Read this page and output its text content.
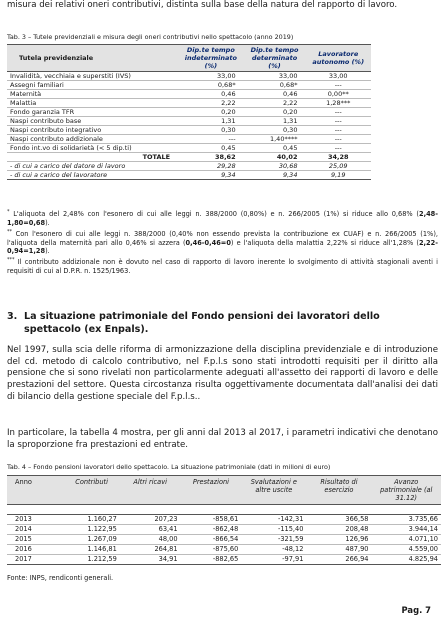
misura dei relativi oneri contributivi, distinta sulla base della natura del rapporto di lavoro.

Tab. 3 – Tutele previdenziali e misura degli oneri contributivi nello spettacolo (anno 2019)
Tutela previdenziale	Dip.te tempo indeterminato (%)	Dip.te tempo determinato (%)	Lavoratore autonomo (%)
Invalidità, vecchiaia e superstiti (IVS)	33,00	33,00	33,00
Assegni familiari	0,68*	0,68*	---
Maternità	0,46	0,46	0,00**
Malattia	2,22	2,22	1,28***
Fondo garanzia TFR	0,20	0,20	---
Naspi contributo base	1,31	1,31	---
Naspi contributo integrativo	0,30	0,30	---
Naspi contributo addizionale	---	1,40****	---
Fondo int.vo di solidarietà (< 5 dip.ti)	0,45	0,45	---
TOTALE	38,62	40,02	34,28
- di cui a carico del datore di lavoro	29,28	30,68	25,09
- di cui a carico del lavoratore	9,34	9,34	9,19

* L'aliquota del 2,48% con l'esonero di cui alle leggi n. 388/2000 (0,80%) e n. 266/2005 (1%) si riduce allo 0,68% (2,48-1,80=0,68).

** Con l'esonero di cui alle leggi n. 388/2000 (0,40% non essendo prevista la contribuzione ex CUAF) e n. 266/2005 (1%), l'aliquota della maternità pari allo 0,46% si azzera (0,46-0,46=0) e l'aliquota della malattia 2,22% si riduce all'1,28% (2,22-0,94=1,28).

*** Il contributo addizionale non è dovuto nel caso di rapporto di lavoro inerente lo svolgimento di attività stagionali aventi i requisiti di cui al D.P.R. n. 1525/1963.

3. La situazione patrimoniale del Fondo pensioni dei lavoratori dello spettacolo (ex Enpals).

Nel 1997, sulla scia delle riforma di armonizzazione della disciplina previdenziale e di introduzione del cd. metodo di calcolo contributivo, nel F.p.l.s sono stati introdotti requisiti per il diritto alla pensione che si sono rivelati non particolarmente adeguati all'assetto dei rapporti di lavoro e delle prestazioni del settore. Questa circostanza risulta oggettivamente documentata dall'analisi dei dati di bilancio della gestione speciale del F.p.l.s..

In particolare, la tabella 4 mostra, per gli anni dal 2013 al 2017, i parametri indicativi che denotano la sproporzione fra prestazioni ed entrate.

Tab. 4 – Fondo pensioni lavoratori dello spettacolo. La situazione patrimoniale (dati in milioni di euro)
Anno	Contributi	Altri ricavi	Prestazioni	Svalutazioni e altre uscite	Risultato di esercizio	Avanzo patrimoniale (al 31.12)

2013	1.160,27	207,23	-858,61	-142,31	366,58	3.735,66
2014	1.122,95	63,41	-862,48	-115,40	208,48	3.944,14
2015	1.267,09	48,00	-866,54	-321,59	126,96	4.071,10
2016	1.146,81	264,81	-875,60	-48,12	487,90	4.559,00
2017	1.212,59	34,91	-882,65	-97,91	266,94	4.825,94
Fonte: INPS, rendiconti generali.
Pag. 7
